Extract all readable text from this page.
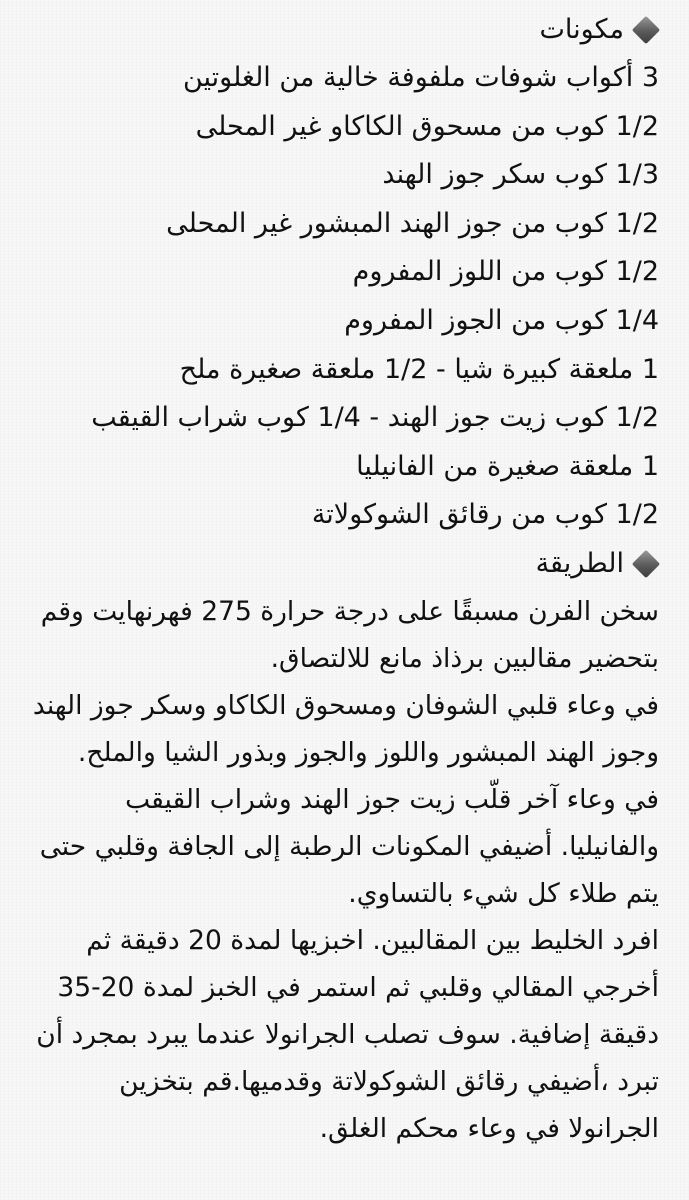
مكونات
3 أكواب شوفات ملفوفة خالية من الغلوتين
1/2 كوب من مسحوق الكاكاو غير المحلى
1/3 كوب سكر جوز الهند
1/2 كوب من جوز الهند المبشور غير المحلى
1/2 كوب من اللوز المفروم
1/4 كوب من الجوز المفروم
1 ملعقة كبيرة شيا - 1/2 ملعقة صغيرة ملح
1/2 كوب زيت جوز الهند - 1/4 كوب شراب القيقب
1 ملعقة صغيرة من الفانيليا
1/2 كوب من رقائق الشوكولاتة
الطريقة

سخن الفرن مسبقًا على درجة حرارة 275 فهرنهايت وقم بتحضير مقالبين برذاذ مانع للالتصاق.

في وعاء قلبي الشوفان ومسحوق الكاكاو وسكر جوز الهند وجوز الهند المبشور واللوز والجوز وبذور الشيا والملح.

في وعاء آخر قلّب زيت جوز الهند وشراب القيقب والفانيليا. أضيفي المكونات الرطبة إلى الجافة وقلبي حتى يتم طلاء كل شيء بالتساوي.

افرد الخليط بين المقالبين. اخبزيها لمدة 20 دقيقة ثم أخرجي المقالي وقلبي ثم استمر في الخبز لمدة 20-35 دقيقة إضافية. سوف تصلب الجرانولا عندما يبرد بمجرد أن تبرد ،أضيفي رقائق الشوكولاتة وقدميها.قم بتخزين الجرانولا في وعاء محكم الغلق.
